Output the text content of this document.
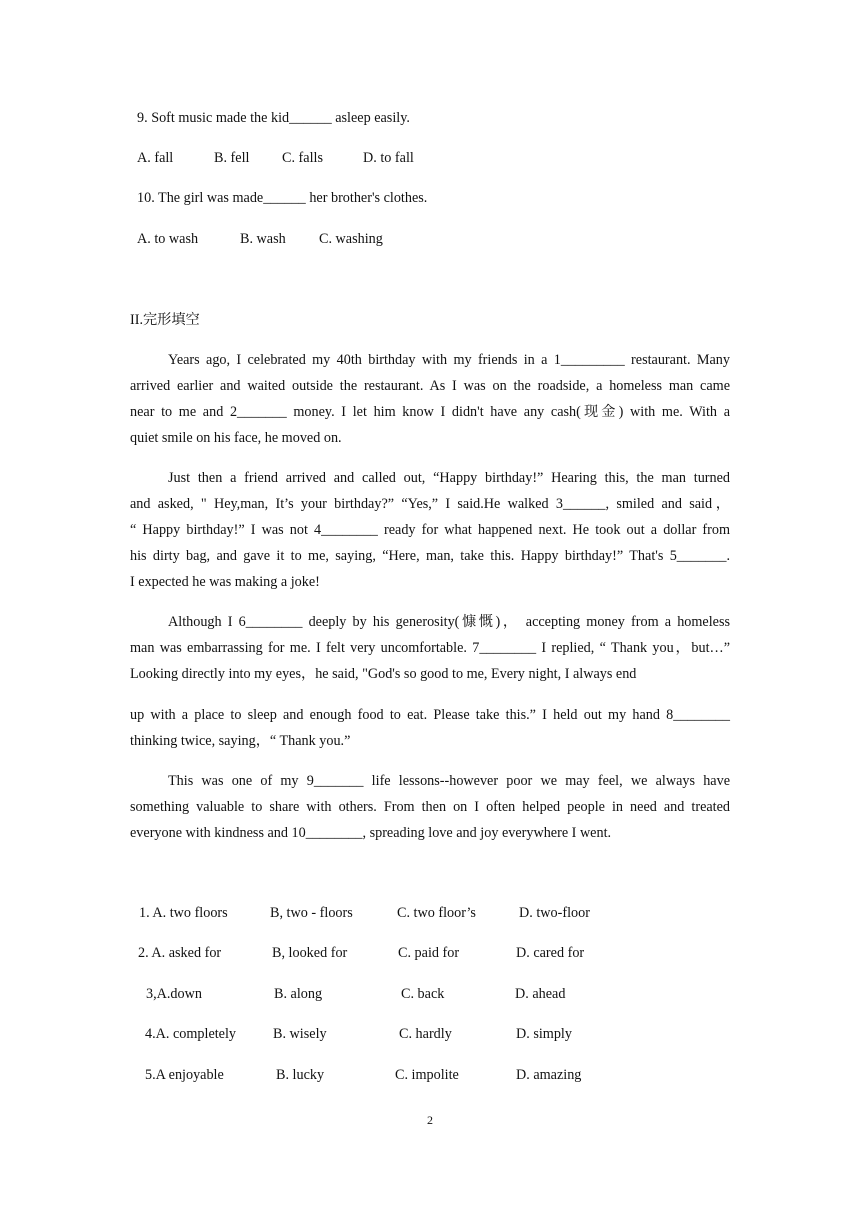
9. Soft music made the kid______ asleep easily.
A. fall	B. fell C. falls	D. to fall
10. The girl was made______ her brother's clothes.
A. to wash	B. wash C. washing
II.完形填空
Years ago, I celebrated my 40th birthday with my friends in a 1_________ restaurant. Many
arrived earlier and waited outside the restaurant. As I was on the roadside, a homeless man came
near to me and 2_______ money. I let him know I didn't have any cash(现金) with me. With a
quiet smile on his face, he moved on.
Just then a friend arrived and called out, “Happy birthday!” Hearing this, the man turned
and asked, " Hey,man, It’s your birthday?” “Yes,” I said.He walked 3______, smiled and said，
“ Happy birthday!” I was not 4________ ready for what happened next. He took out a dollar from
his dirty bag, and gave it to me, saying, “Here, man, take this. Happy birthday!” That's 5_______.
I expected he was making a joke!
Although I 6________ deeply by his generosity(慷慨)， accepting money from a homeless
man was embarrassing for me. I felt very uncomfortable. 7________ I replied, “ Thank you，but…”
Looking directly into my eyes，he said, "God's so good to me, Every night, I always end
up with a place to sleep and enough food to eat. Please take this.” I held out my hand 8________
thinking twice, saying，“ Thank you.”
This was one of my 9_______ life lessons--however poor we may feel, we always have
something valuable to share with others. From then on I often helped people in need and treated
everyone with kindness and 10________, spreading love and joy everywhere I went.
1. A. two floors	B, two - floors	C. two floor’s	D. two-floor
2. A. asked for	B, looked for	C. paid for	D. cared for
3,A.down	B. along	C. back	D. ahead
4.A. completely	B. wisely	C. hardly	D. simply
5.A enjoyable	B. lucky	C. impolite	D. amazing
2
